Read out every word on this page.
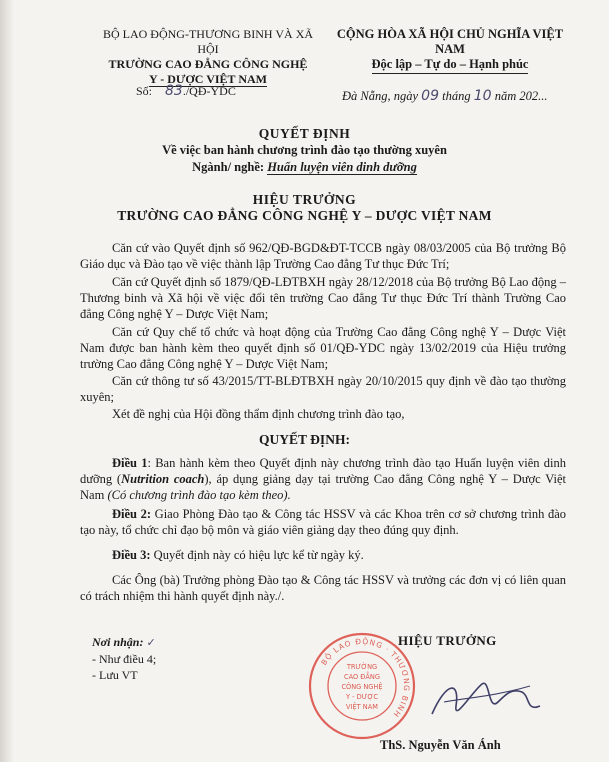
BỘ LAO ĐỘNG-THƯƠNG BINH VÀ XÃ HỘI
TRƯỜNG CAO ĐẲNG CÔNG NGHỆ
Y - DƯỢC VIỆT NAM
Số: 83./QĐ-YDC
CỘNG HÒA XÃ HỘI CHỦ NGHĨA VIỆT NAM
Độc lập – Tự do – Hạnh phúc
Đà Nẵng, ngày 09 tháng 10 năm 202...
QUYẾT ĐỊNH
Về việc ban hành chương trình đào tạo thường xuyên
Ngành/ nghề: Huấn luyện viên dinh dưỡng
HIỆU TRƯỞNG
TRƯỜNG CAO ĐẲNG CÔNG NGHỆ Y – DƯỢC VIỆT NAM
Căn cứ vào Quyết định số 962/QĐ-BGD&ĐT-TCCB ngày 08/03/2005 của Bộ trưởng Bộ Giáo dục và Đào tạo về việc thành lập Trường Cao đẳng Tư thục Đức Trí;
Căn cứ Quyết định số 1879/QĐ-LĐTBXH ngày 28/12/2018 của Bộ trưởng Bộ Lao động – Thương binh và Xã hội về việc đổi tên trường Cao đẳng Tư thục Đức Trí thành Trường Cao đẳng Công nghệ Y – Dược Việt Nam;
Căn cứ Quy chế tổ chức và hoạt động của Trường Cao đẳng Công nghệ Y – Dược Việt Nam được ban hành kèm theo quyết định số 01/QĐ-YDC ngày 13/02/2019 của Hiệu trưởng trường Cao đẳng Công nghệ Y – Dược Việt Nam;
Căn cứ thông tư số 43/2015/TT-BLĐTBXH ngày 20/10/2015 quy định về đào tạo thường xuyên;
Xét đề nghị của Hội đồng thẩm định chương trình đào tạo,
QUYẾT ĐỊNH:
Điều 1: Ban hành kèm theo Quyết định này chương trình đào tạo Huấn luyện viên dinh dưỡng (Nutrition coach), áp dụng giảng dạy tại trường Cao đẳng Công nghệ Y – Dược Việt Nam (Có chương trình đào tạo kèm theo).
Điều 2: Giao Phòng Đào tạo & Công tác HSSV và các Khoa trên cơ sở chương trình đào tạo này, tổ chức chỉ đạo bộ môn và giáo viên giảng dạy theo đúng quy định.
Điều 3: Quyết định này có hiệu lực kể từ ngày ký.
Các Ông (bà) Trưởng phòng Đào tạo & Công tác HSSV và trưởng các đơn vị có liên quan có trách nhiệm thi hành quyết định này./.
Nơi nhận: ✓
- Như điều 4;
- Lưu VT
HIỆU TRƯỞNG
BỘ LAO ĐỘNG · THƯƠNG BINH
TRƯỜNG
CAO ĐẲNG
CÔNG NGHỆ
Y - DƯỢC
VIỆT NAM
ThS. Nguyễn Văn Ánh
